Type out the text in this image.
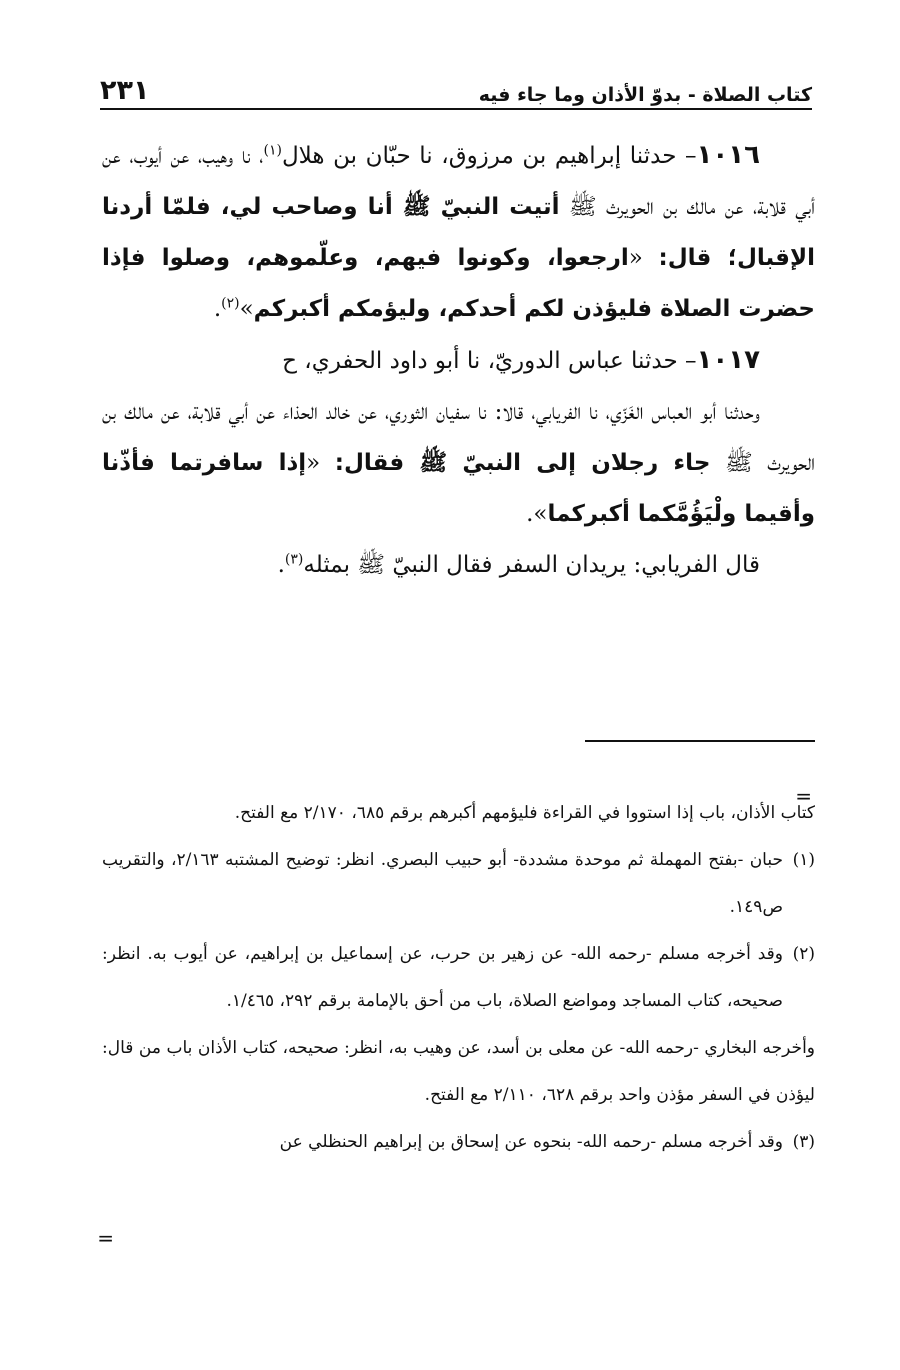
كتاب الصلاة - بدوّ الأذان وما جاء فيه
٢٣١

١٠١٦– حدثنا إبراهيم بن مرزوق، نا حبّان بن هلال$^{(١)}$، نا وهيب، عن أيوب، عن أبي قلابة، عن مالك بن الحويرث ﷺ أتيت النبيّ ﷺ أنا وصاحب لي، فلمّا أردنا الإقبال؛ قال: «ارجعوا، وكونوا فيهم، وعلّموهم، وصلوا فإذا حضرت الصلاة فليؤذن لكم أحدكم، وليؤمكم أكبركم»$^{(٢)}$.

١٠١٧– حدثنا عباس الدوريّ، نا أبو داود الحفري، ح

وحدثنا أبو العباس الغَزّي، نا الفريابي، قالا: نا سفيان الثوري، عن خالد الحذاء عن أبي قلابة، عن مالك بن الحويرث ﷺ جاء رجلان إلى النبيّ ﷺ فقال: «إذا سافرتما فأذّنا وأقيما ولْيَؤُمَّكما أكبركما».

قال الفريابي: يريدان السفر فقال النبيّ ﷺ بمثله$^{(٣)}$.

=

كتاب الأذان، باب إذا استووا في القراءة فليؤمهم أكبرهم برقم ٦٨٥، ٢/١٧٠ مع الفتح.

(١)حبان -بفتح المهملة ثم موحدة مشددة- أبو حبيب البصري. انظر: توضيح المشتبه ٢/١٦٣، والتقريب ص١٤٩.

(٢)وقد أخرجه مسلم -رحمه الله- عن زهير بن حرب، عن إسماعيل بن إبراهيم، عن أيوب به. انظر: صحيحه، كتاب المساجد ومواضع الصلاة، باب من أحق بالإمامة برقم ٢٩٢، ١/٤٦٥.

وأخرجه البخاري -رحمه الله- عن معلى بن أسد، عن وهيب به، انظر: صحيحه، كتاب الأذان باب من قال: ليؤذن في السفر مؤذن واحد برقم ٦٢٨، ٢/١١٠ مع الفتح.

(٣)وقد أخرجه مسلم -رحمه الله- بنحوه عن إسحاق بن إبراهيم الحنظلي عن

=
